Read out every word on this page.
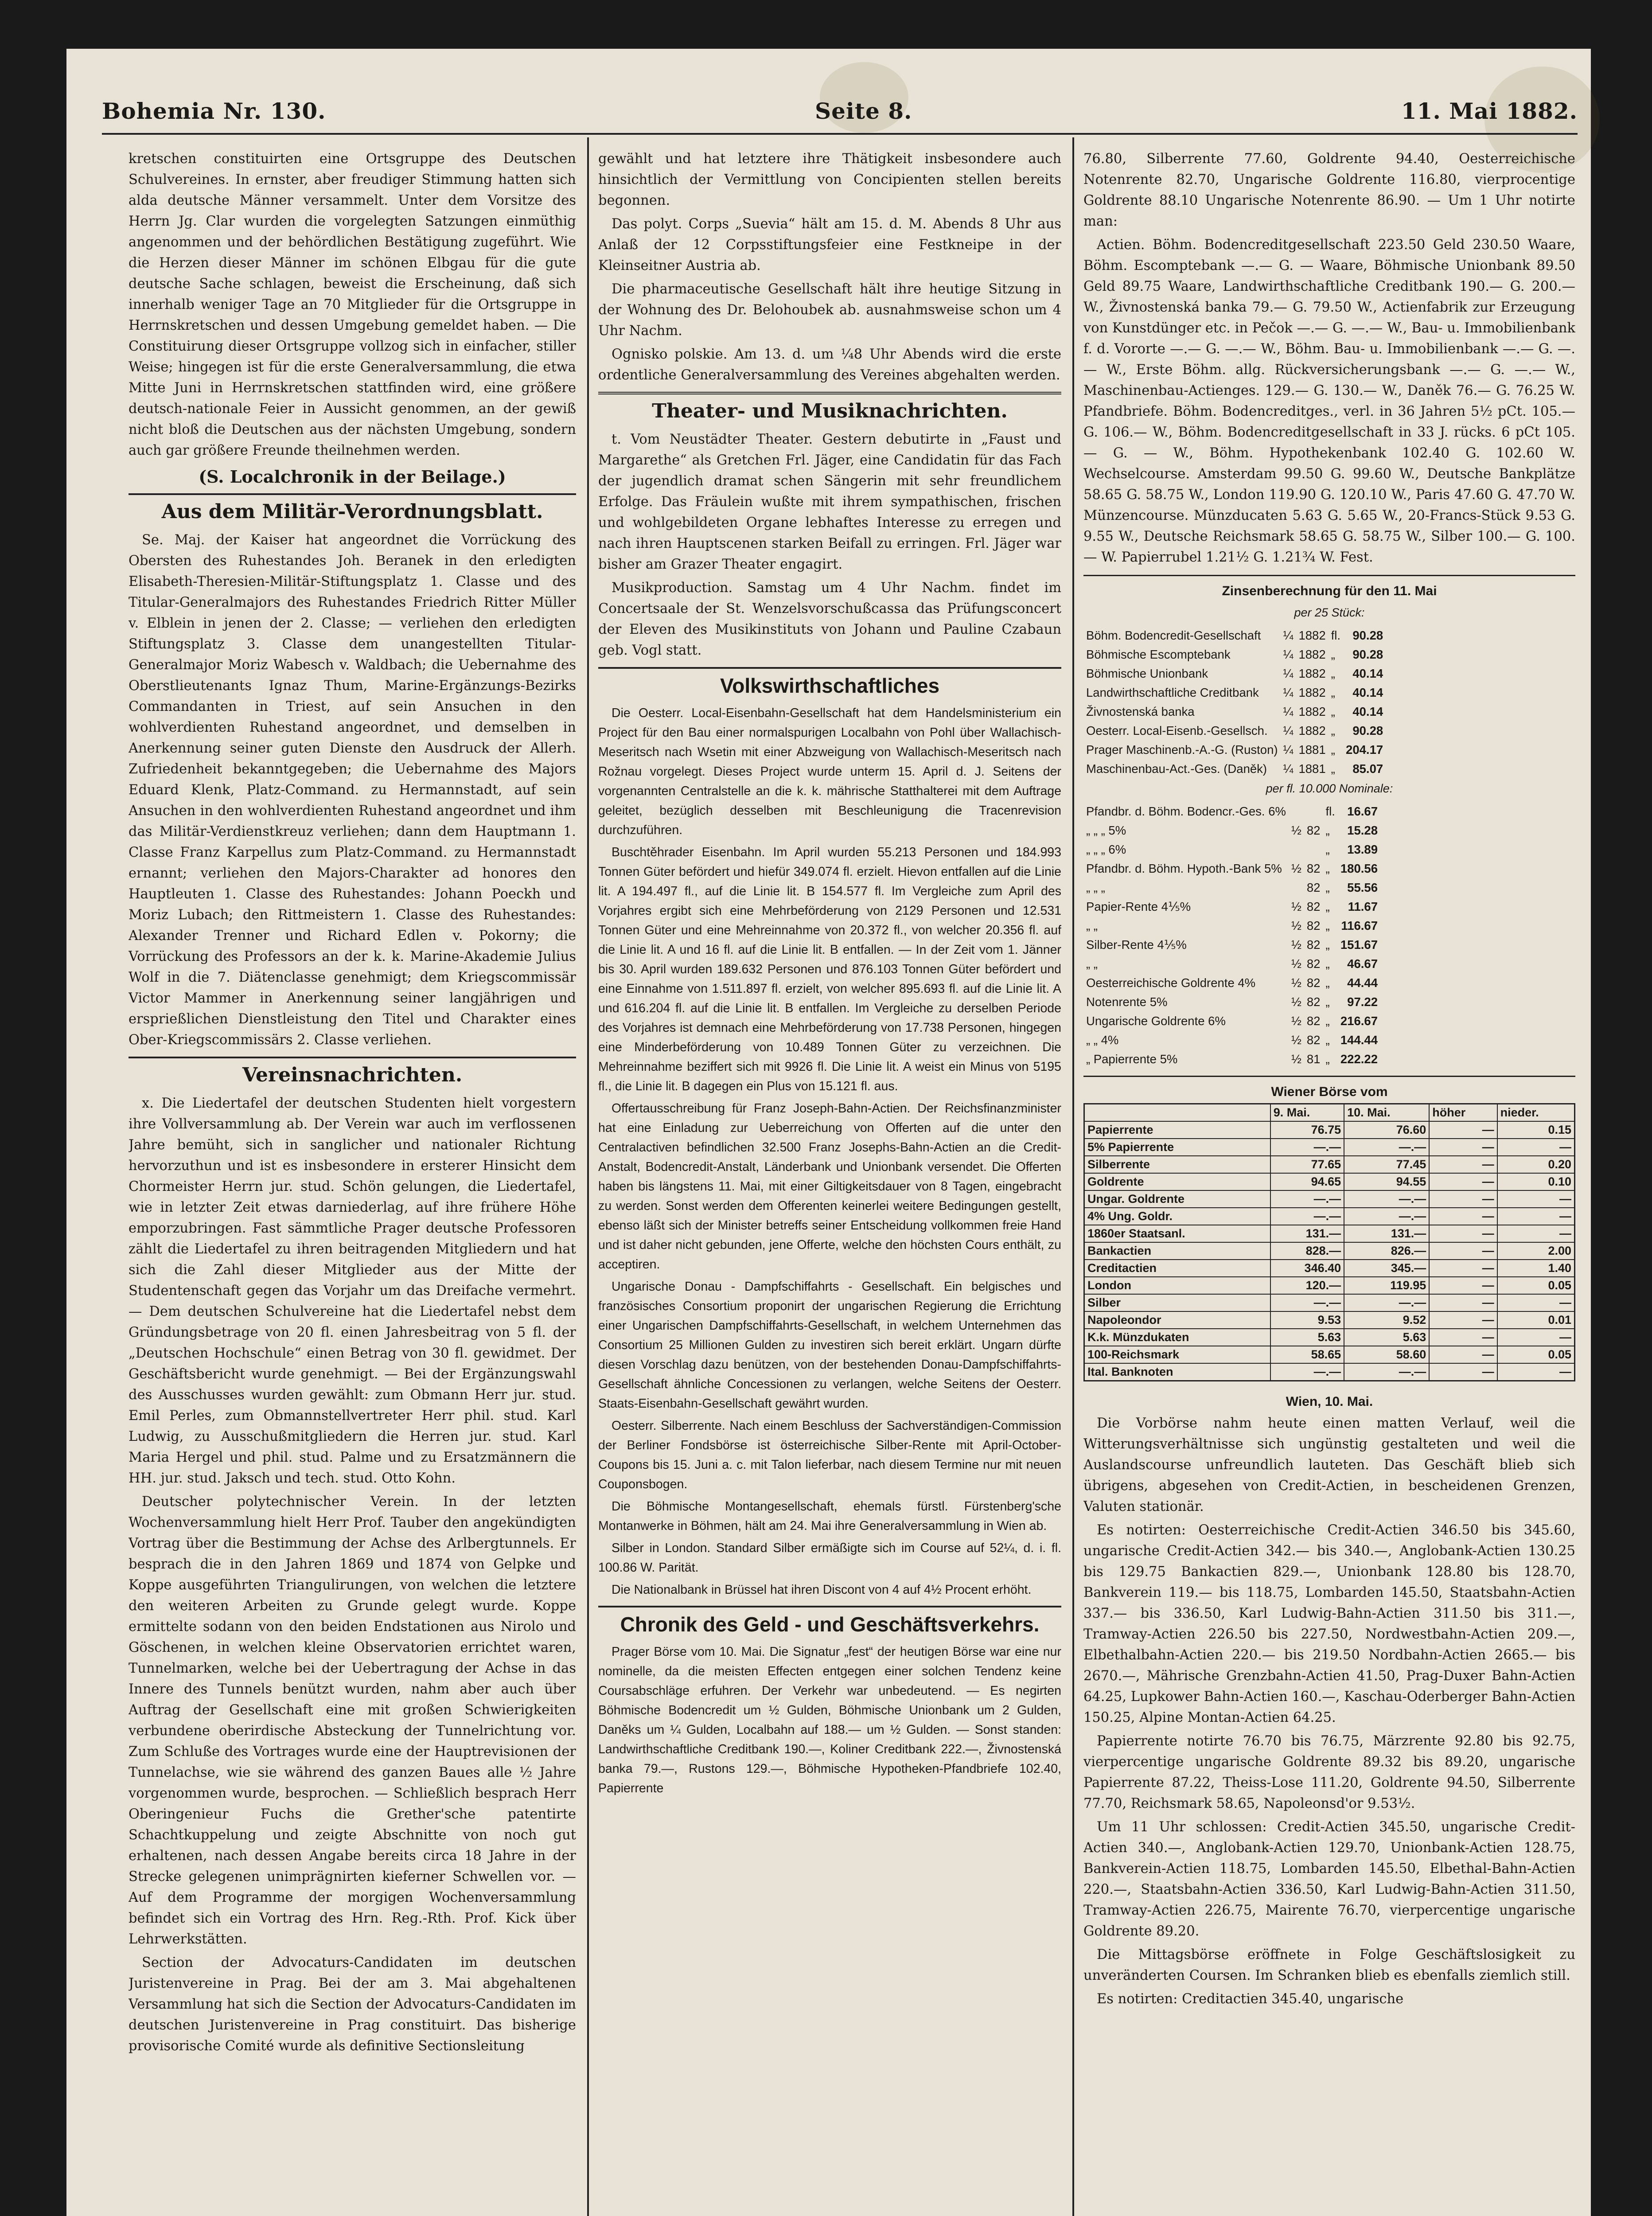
Bohemia Nr. 130.	Seite 8.	11. Mai 1882.

kretschen constituirten eine Ortsgruppe des Deutschen Schulvereines. In ernster, aber freudiger Stimmung hatten sich alda deutsche Männer versammelt. Unter dem Vorsitze des Herrn Jg. Clar wurden die vorgelegten Satzungen einmüthig angenommen und der behördlichen Bestätigung zugeführt. Wie die Herzen dieser Männer im schönen Elbgau für die gute deutsche Sache schlagen, beweist die Erscheinung, daß sich innerhalb weniger Tage an 70 Mitglieder für die Ortsgruppe in Herrnskretschen und dessen Umgebung gemeldet haben. — Die Constituirung dieser Ortsgruppe vollzog sich in einfacher, stiller Weise; hingegen ist für die erste Generalversammlung, die etwa Mitte Juni in Herrnskretschen stattfinden wird, eine größere deutsch-nationale Feier in Aussicht genommen, an der gewiß nicht bloß die Deutschen aus der nächsten Umgebung, sondern auch gar größere Freunde theilnehmen werden.

(S. Localchronik in der Beilage.)
Aus dem Militär-Verordnungsblatt.

Se. Maj. der Kaiser hat angeordnet die Vorrückung des Obersten des Ruhestandes Joh. Beranek in den erledigten Elisabeth-Theresien-Militär-Stiftungsplatz 1. Classe und des Titular-Generalmajors des Ruhestandes Friedrich Ritter Müller v. Elblein in jenen der 2. Classe; — verliehen den erledigten Stiftungsplatz 3. Classe dem unangestellten Titular-Generalmajor Moriz Wabesch v. Waldbach; die Uebernahme des Oberstlieutenants Ignaz Thum, Marine-Ergänzungs-Bezirks Commandanten in Triest, auf sein Ansuchen in den wohlverdienten Ruhestand angeordnet, und demselben in Anerkennung seiner guten Dienste den Ausdruck der Allerh. Zufriedenheit bekanntgegeben; die Uebernahme des Majors Eduard Klenk, Platz-Command. zu Hermannstadt, auf sein Ansuchen in den wohlverdienten Ruhestand angeordnet und ihm das Militär-Verdienstkreuz verliehen; dann dem Hauptmann 1. Classe Franz Karpellus zum Platz-Command. zu Hermannstadt ernannt; verliehen den Majors-Charakter ad honores den Hauptleuten 1. Classe des Ruhestandes: Johann Poeckh und Moriz Lubach; den Rittmeistern 1. Classe des Ruhestandes: Alexander Trenner und Richard Edlen v. Pokorny; die Vorrückung des Professors an der k. k. Marine-Akademie Julius Wolf in die 7. Diätenclasse genehmigt; dem Kriegscommissär Victor Mammer in Anerkennung seiner langjährigen und ersprießlichen Dienstleistung den Titel und Charakter eines Ober-Kriegscommissärs 2. Classe verliehen.

Vereinsnachrichten.

x. Die Liedertafel der deutschen Studenten hielt vorgestern ihre Vollversammlung ab. Der Verein war auch im verflossenen Jahre bemüht, sich in sanglicher und nationaler Richtung hervorzuthun und ist es insbesondere in ersterer Hinsicht dem Chormeister Herrn jur. stud. Schön gelungen, die Liedertafel, wie in letzter Zeit etwas darniederlag, auf ihre frühere Höhe emporzubringen. Fast sämmtliche Prager deutsche Professoren zählt die Liedertafel zu ihren beitragenden Mitgliedern und hat sich die Zahl dieser Mitglieder aus der Mitte der Studentenschaft gegen das Vorjahr um das Dreifache vermehrt. — Dem deutschen Schulvereine hat die Liedertafel nebst dem Gründungsbetrage von 20 fl. einen Jahresbeitrag von 5 fl. der „Deutschen Hochschule“ einen Betrag von 30 fl. gewidmet. Der Geschäftsbericht wurde genehmigt. — Bei der Ergänzungswahl des Ausschusses wurden gewählt: zum Obmann Herr jur. stud. Emil Perles, zum Obmannstellvertreter Herr phil. stud. Karl Ludwig, zu Ausschußmitgliedern die Herren jur. stud. Karl Maria Hergel und phil. stud. Palme und zu Ersatzmännern die HH. jur. stud. Jaksch und tech. stud. Otto Kohn.

Deutscher polytechnischer Verein. In der letzten Wochenversammlung hielt Herr Prof. Tauber den angekündigten Vortrag über die Bestimmung der Achse des Arlbergtunnels. Er besprach die in den Jahren 1869 und 1874 von Gelpke und Koppe ausgeführten Triangulirungen, von welchen die letztere den weiteren Arbeiten zu Grunde gelegt wurde. Koppe ermittelte sodann von den beiden Endstationen aus Nirolo und Göschenen, in welchen kleine Observatorien errichtet waren, Tunnelmarken, welche bei der Uebertragung der Achse in das Innere des Tunnels benützt wurden, nahm aber auch über Auftrag der Gesellschaft eine mit großen Schwierigkeiten verbundene oberirdische Absteckung der Tunnelrichtung vor. Zum Schluße des Vortrages wurde eine der Hauptrevisionen der Tunnelachse, wie sie während des ganzen Baues alle ½ Jahre vorgenommen wurde, besprochen. — Schließlich besprach Herr Oberingenieur Fuchs die Grether'sche patentirte Schachtkuppelung und zeigte Abschnitte von noch gut erhaltenen, nach dessen Angabe bereits circa 18 Jahre in der Strecke gelegenen unimprägnirten kieferner Schwellen vor. — Auf dem Programme der morgigen Wochenversammlung befindet sich ein Vortrag des Hrn. Reg.-Rth. Prof. Kick über Lehrwerkstätten.

Section der Advocaturs-Candidaten im deutschen Juristenvereine in Prag. Bei der am 3. Mai abgehaltenen Versammlung hat sich die Section der Advocaturs-Candidaten im deutschen Juristenvereine in Prag constituirt. Das bisherige provisorische Comité wurde als definitive Sectionsleitung

gewählt und hat letztere ihre Thätigkeit insbesondere auch hinsichtlich der Vermittlung von Concipienten stellen bereits begonnen.

Das polyt. Corps „Suevia“ hält am 15. d. M. Abends 8 Uhr aus Anlaß der 12 Corpsstiftungsfeier eine Festkneipe in der Kleinseitner Austria ab.

Die pharmaceutische Gesellschaft hält ihre heutige Sitzung in der Wohnung des Dr. Belohoubek ab. ausnahmsweise schon um 4 Uhr Nachm.

Ognisko polskie. Am 13. d. um ¼8 Uhr Abends wird die erste ordentliche Generalversammlung des Vereines abgehalten werden.

Theater- und Musiknachrichten.

t. Vom Neustädter Theater. Gestern debutirte in „Faust und Margarethe“ als Gretchen Frl. Jäger, eine Candidatin für das Fach der jugendlich dramat schen Sängerin mit sehr freundlichem Erfolge. Das Fräulein wußte mit ihrem sympathischen, frischen und wohlgebildeten Organe lebhaftes Interesse zu erregen und nach ihren Hauptscenen starken Beifall zu erringen. Frl. Jäger war bisher am Grazer Theater engagirt.

Musikproduction. Samstag um 4 Uhr Nachm. findet im Concertsaale der St. Wenzelsvorschußcassa das Prüfungsconcert der Eleven des Musikinstituts von Johann und Pauline Czabaun geb. Vogl statt.

Volkswirthschaftliches

Die Oesterr. Local-Eisenbahn-Gesellschaft hat dem Handelsministerium ein Project für den Bau einer normalspurigen Localbahn von Pohl über Wallachisch-Meseritsch nach Wsetin mit einer Abzweigung von Wallachisch-Meseritsch nach Rožnau vorgelegt. Dieses Project wurde unterm 15. April d. J. Seitens der vorgenannten Centralstelle an die k. k. mährische Statthalterei mit dem Auftrage geleitet, bezüglich desselben mit Beschleunigung die Tracenrevision durchzuführen.

Buschtěhrader Eisenbahn. Im April wurden 55.213 Personen und 184.993 Tonnen Güter befördert und hiefür 349.074 fl. erzielt. Hievon entfallen auf die Linie lit. A 194.497 fl., auf die Linie lit. B 154.577 fl. Im Vergleiche zum April des Vorjahres ergibt sich eine Mehrbeförderung von 2129 Personen und 12.531 Tonnen Güter und eine Mehreinnahme von 20.372 fl., von welcher 20.356 fl. auf die Linie lit. A und 16 fl. auf die Linie lit. B entfallen. — In der Zeit vom 1. Jänner bis 30. April wurden 189.632 Personen und 876.103 Tonnen Güter befördert und eine Einnahme von 1.511.897 fl. erzielt, von welcher 895.693 fl. auf die Linie lit. A und 616.204 fl. auf die Linie lit. B entfallen. Im Vergleiche zu derselben Periode des Vorjahres ist demnach eine Mehrbeförderung von 17.738 Personen, hingegen eine Minderbeförderung von 10.489 Tonnen Güter zu verzeichnen. Die Mehreinnahme beziffert sich mit 9926 fl. Die Linie lit. A weist ein Minus von 5195 fl., die Linie lit. B dagegen ein Plus von 15.121 fl. aus.

Offertausschreibung für Franz Joseph-Bahn-Actien. Der Reichsfinanzminister hat eine Einladung zur Ueberreichung von Offerten auf die unter den Centralactiven befindlichen 32.500 Franz Josephs-Bahn-Actien an die Credit-Anstalt, Bodencredit-Anstalt, Länderbank und Unionbank versendet. Die Offerten haben bis längstens 11. Mai, mit einer Giltigkeitsdauer von 8 Tagen, eingebracht zu werden. Sonst werden dem Offerenten keinerlei weitere Bedingungen gestellt, ebenso läßt sich der Minister betreffs seiner Entscheidung vollkommen freie Hand und ist daher nicht gebunden, jene Offerte, welche den höchsten Cours enthält, zu acceptiren.

Ungarische Donau - Dampfschiffahrts - Gesellschaft. Ein belgisches und französisches Consortium proponirt der ungarischen Regierung die Errichtung einer Ungarischen Dampfschiffahrts-Gesellschaft, in welchem Unternehmen das Consortium 25 Millionen Gulden zu investiren sich bereit erklärt. Ungarn dürfte diesen Vorschlag dazu benützen, von der bestehenden Donau-Dampfschiffahrts-Gesellschaft ähnliche Concessionen zu verlangen, welche Seitens der Oesterr. Staats-Eisenbahn-Gesellschaft gewährt wurden.

Oesterr. Silberrente. Nach einem Beschluss der Sachverständigen-Commission der Berliner Fondsbörse ist österreichische Silber-Rente mit April-October-Coupons bis 15. Juni a. c. mit Talon lieferbar, nach diesem Termine nur mit neuen Couponsbogen.

Die Böhmische Montangesellschaft, ehemals fürstl. Fürstenberg'sche Montanwerke in Böhmen, hält am 24. Mai ihre Generalversammlung in Wien ab.

Silber in London. Standard Silber ermäßigte sich im Course auf 52¼, d. i. fl. 100.86 W. Parität.

Die Nationalbank in Brüssel hat ihren Discont von 4 auf 4½ Procent erhöht.

Chronik des Geld - und Geschäftsverkehrs.

Prager Börse vom 10. Mai. Die Signatur „fest“ der heutigen Börse war eine nur nominelle, da die meisten Effecten entgegen einer solchen Tendenz keine Coursabschläge erfuhren. Der Verkehr war unbedeutend. — Es negirten Böhmische Bodencredit um ½ Gulden, Böhmische Unionbank um 2 Gulden, Daněks um ¼ Gulden, Localbahn auf 188.— um ½ Gulden. — Sonst standen: Landwirthschaftliche Creditbank 190.—, Koliner Creditbank 222.—, Živnostenská banka 79.—, Rustons 129.—, Böhmische Hypotheken-Pfandbriefe 102.40, Papierrente

76.80, Silberrente 77.60, Goldrente 94.40, Oesterreichische Notenrente 82.70, Ungarische Goldrente 116.80, vierprocentige Goldrente 88.10 Ungarische Notenrente 86.90. — Um 1 Uhr notirte man:

Actien. Böhm. Bodencreditgesellschaft 223.50 Geld 230.50 Waare, Böhm. Escomptebank —.— G. — Waare, Böhmische Unionbank 89.50 Geld 89.75 Waare, Landwirthschaftliche Creditbank 190.— G. 200.— W., Živnostenská banka 79.— G. 79.50 W., Actienfabrik zur Erzeugung von Kunstdünger etc. in Pečok —.— G. —.— W., Bau- u. Immobilienbank f. d. Vororte —.— G. —.— W., Böhm. Bau- u. Immobilienbank —.— G. —.— W., Erste Böhm. allg. Rückversicherungsbank —.— G. —.— W., Maschinenbau-Actienges. 129.— G. 130.— W., Daněk 76.— G. 76.25 W. Pfandbriefe. Böhm. Bodencreditges., verl. in 36 Jahren 5½ pCt. 105.— G. 106.— W., Böhm. Bodencreditgesellschaft in 33 J. rücks. 6 pCt 105.— G. — W., Böhm. Hypothekenbank 102.40 G. 102.60 W. Wechselcourse. Amsterdam 99.50 G. 99.60 W., Deutsche Bankplätze 58.65 G. 58.75 W., London 119.90 G. 120.10 W., Paris 47.60 G. 47.70 W. Münzencourse. Münzducaten 5.63 G. 5.65 W., 20-Francs-Stück 9.53 G. 9.55 W., Deutsche Reichsmark 58.65 G. 58.75 W., Silber 100.— G. 100.— W. Papierrubel 1.21½ G. 1.21¾ W. Fest.

Zinsenberechnung für den 11. Mai
per 25 Stück:
Böhm. Bodencredit-Gesellschaft	¼	1882	fl.	90.28
Böhmische Escomptebank	¼	1882	„	90.28
Böhmische Unionbank	¼	1882	„	40.14
Landwirthschaftliche Creditbank	¼	1882	„	40.14
Živnostenská banka	¼	1882	„	40.14
Oesterr. Local-Eisenb.-Gesellsch.	¼	1882	„	90.28
Prager Maschinenb.-A.-G. (Ruston)	¼	1881	„	204.17
Maschinenbau-Act.-Ges. (Daněk)	¼	1881	„	85.07
per fl. 10.000 Nominale:
Pfandbr. d. Böhm. Bodencr.-Ges. 6%			fl.	16.67
„ „ „ 5%	½	82	„	15.28
„ „ „ 6%			„	13.89
Pfandbr. d. Böhm. Hypoth.-Bank 5%	½	82	„	180.56
„ „ „		82	„	55.56
Papier-Rente 4⅕%	½	82	„	11.67
„ „	½	82	„	116.67
Silber-Rente 4⅕%	½	82	„	151.67
„ „	½	82	„	46.67
Oesterreichische Goldrente 4%	½	82	„	44.44
Notenrente 5%	½	82	„	97.22
Ungarische Goldrente 6%	½	82	„	216.67
„ „ 4%	½	82	„	144.44
„ Papierrente 5%	½	81	„	222.22
Wiener Börse vom
	9. Mai.	10. Mai.	höher	nieder.
Papierrente	76.75	76.60	—	0.15
5% Papierrente	—.—	—.—	—	—
Silberrente	77.65	77.45	—	0.20
Goldrente	94.65	94.55	—	0.10
Ungar. Goldrente	—.—	—.—	—	—
4% Ung. Goldr.	—.—	—.—	—	—
1860er Staatsanl.	131.—	131.—	—	—
Bankactien	828.—	826.—	—	2.00
Creditactien	346.40	345.—	—	1.40
London	120.—	119.95	—	0.05
Silber	—.—	—.—	—	—
Napoleondor	9.53	9.52	—	0.01
K.k. Münzdukaten	5.63	5.63	—	—
100-Reichsmark	58.65	58.60	—	0.05
Ital. Banknoten	—.—	—.—	—	—
Wien, 10. Mai.

Die Vorbörse nahm heute einen matten Verlauf, weil die Witterungsverhältnisse sich ungünstig gestalteten und weil die Auslandscourse unfreundlich lauteten. Das Geschäft blieb sich übrigens, abgesehen von Credit-Actien, in bescheidenen Grenzen, Valuten stationär.

Es notirten: Oesterreichische Credit-Actien 346.50 bis 345.60, ungarische Credit-Actien 342.— bis 340.—, Anglobank-Actien 130.25 bis 129.75 Bankactien 829.—, Unionbank 128.80 bis 128.70, Bankverein 119.— bis 118.75, Lombarden 145.50, Staatsbahn-Actien 337.— bis 336.50, Karl Ludwig-Bahn-Actien 311.50 bis 311.—, Tramway-Actien 226.50 bis 227.50, Nordwestbahn-Actien 209.—, Elbethalbahn-Actien 220.— bis 219.50 Nordbahn-Actien 2665.— bis 2670.—, Mährische Grenzbahn-Actien 41.50, Prag-Duxer Bahn-Actien 64.25, Lupkower Bahn-Actien 160.—, Kaschau-Oderberger Bahn-Actien 150.25, Alpine Montan-Actien 64.25.

Papierrente notirte 76.70 bis 76.75, Märzrente 92.80 bis 92.75, vierpercentige ungarische Goldrente 89.32 bis 89.20, ungarische Papierrente 87.22, Theiss-Lose 111.20, Goldrente 94.50, Silberrente 77.70, Reichsmark 58.65, Napoleonsd'or 9.53½.

Um 11 Uhr schlossen: Credit-Actien 345.50, ungarische Credit-Actien 340.—, Anglobank-Actien 129.70, Unionbank-Actien 128.75, Bankverein-Actien 118.75, Lombarden 145.50, Elbethal-Bahn-Actien 220.—, Staatsbahn-Actien 336.50, Karl Ludwig-Bahn-Actien 311.50, Tramway-Actien 226.75, Mairente 76.70, vierpercentige ungarische Goldrente 89.20.

Die Mittagsbörse eröffnete in Folge Geschäftslosigkeit zu unveränderten Coursen. Im Schranken blieb es ebenfalls ziemlich still.

Es notirten: Creditactien 345.40, ungarische
